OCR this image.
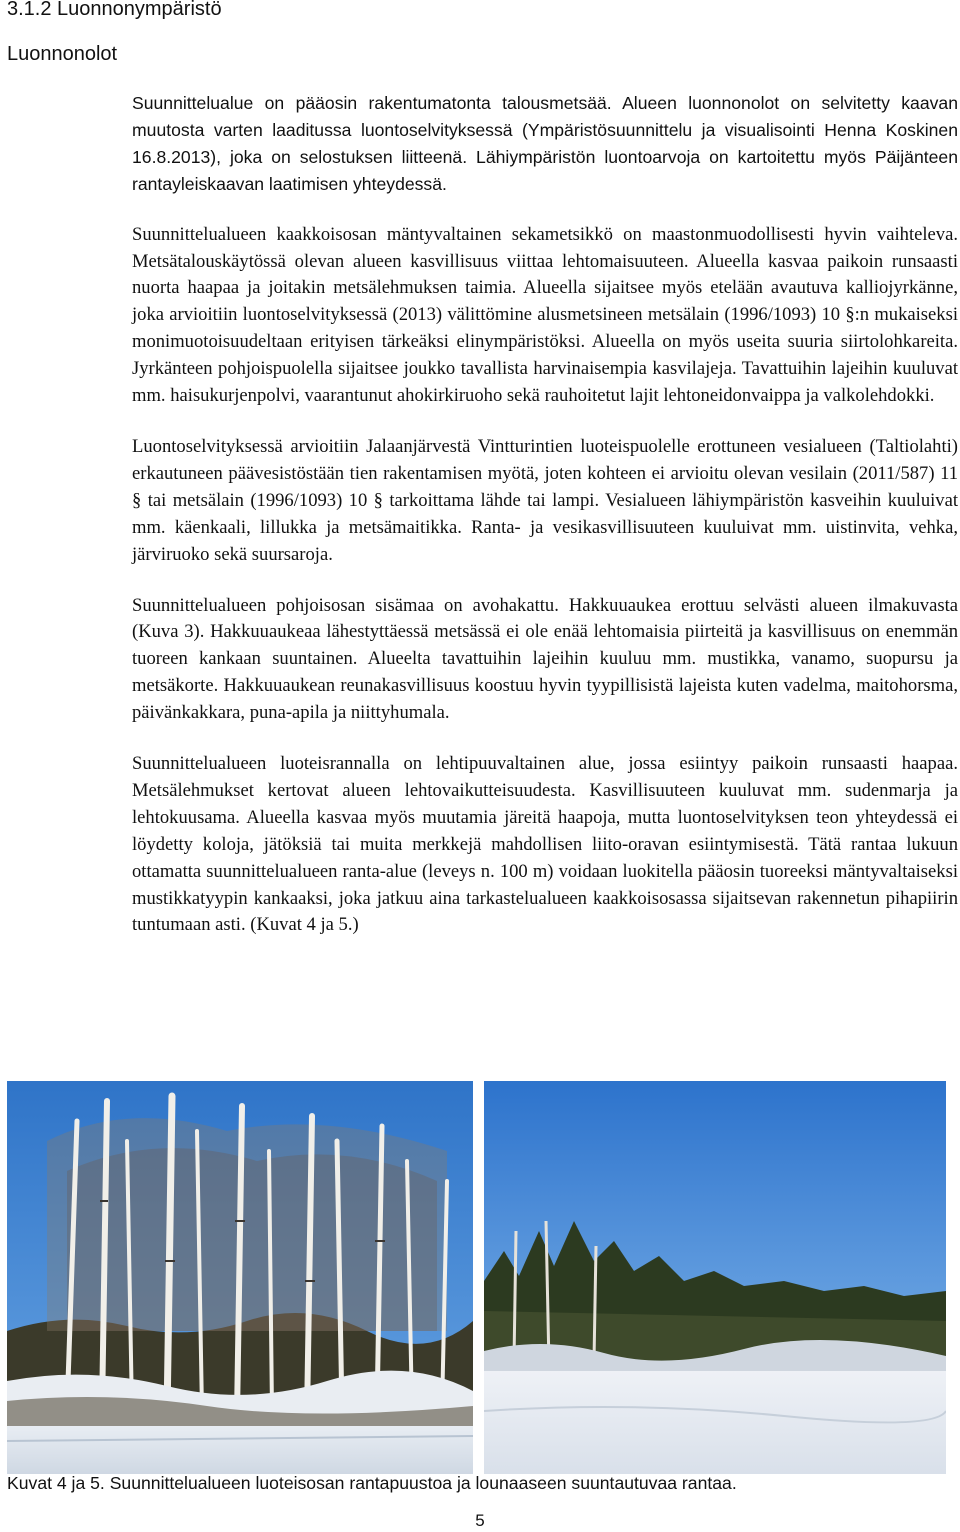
3.1.2 Luonnonympäristö
Luonnonolot

Suunnittelualue on pääosin rakentumatonta talousmetsää. Alueen luonnonolot on selvitetty kaavan muutosta varten laaditussa luontoselvityksessä (Ympäristösuunnittelu ja visualisointi Henna Koskinen 16.8.2013), joka on selostuksen liitteenä. Lähiympäristön luontoarvoja on kartoitettu myös Päijänteen rantayleiskaavan laatimisen yhteydessä.

Suunnittelualueen kaakkoisosan mäntyvaltainen sekametsikkö on maastonmuodollisesti hyvin vaihteleva. Metsätalouskäytössä olevan alueen kasvillisuus viittaa lehtomaisuuteen. Alueella kasvaa paikoin runsaasti nuorta haapaa ja joitakin metsälehmuksen taimia. Alueella sijaitsee myös etelään avautuva kalliojyrkänne, joka arvioitiin luontoselvityksessä (2013) välittömine alusmetsineen metsälain (1996/1093) 10 §:n mukaiseksi monimuotoisuudeltaan erityisen tärkeäksi elinympäristöksi. Alueella on myös useita suuria siirtolohkareita. Jyrkänteen pohjoispuolella sijaitsee joukko tavallista harvinaisempia kasvilajeja. Tavattuihin lajeihin kuuluvat mm. haisukurjenpolvi, vaarantunut ahokirkiruoho sekä rauhoitetut lajit lehtoneidonvaippa ja valkolehdokki.

Luontoselvityksessä arvioitiin Jalaanjärvestä Vintturintien luoteispuolelle erottuneen vesialueen (Taltiolahti) erkautuneen päävesistöstään tien rakentamisen myötä, joten kohteen ei arvioitu olevan vesilain (2011/587) 11 § tai metsälain (1996/1093) 10 § tarkoittama lähde tai lampi. Vesialueen lähiympäristön kasveihin kuuluivat mm. käenkaali, lillukka ja metsämaitikka. Ranta- ja vesikasvillisuuteen kuuluivat mm. uistinvita, vehka, järviruoko sekä suursaroja.

Suunnittelualueen pohjoisosan sisämaa on avohakattu. Hakkuuaukea erottuu selvästi alueen ilmakuvasta (Kuva 3). Hakkuuaukeaa lähestyttäessä metsässä ei ole enää lehtomaisia piirteitä ja kasvillisuus on enemmän tuoreen kankaan suuntainen. Alueelta tavattuihin lajeihin kuuluu mm. mustikka, vanamo, suopursu ja metsäkorte. Hakkuuaukean reunakasvillisuus koostuu hyvin tyypillisistä lajeista kuten vadelma, maitohorsma, päivänkakkara, puna-apila ja niittyhumala.

Suunnittelualueen luoteisrannalla on lehtipuuvaltainen alue, jossa esiintyy paikoin runsaasti haapaa. Metsälehmukset kertovat alueen lehtovaikutteisuudesta. Kasvillisuuteen kuuluvat mm. sudenmarja ja lehtokuusama. Alueella kasvaa myös muutamia järeitä haapoja, mutta luontoselvityksen teon yhteydessä ei löydetty koloja, jätöksiä tai muita merkkejä mahdollisen liito-oravan esiintymisestä. Tätä rantaa lukuun ottamatta suunnittelualueen ranta-alue (leveys n. 100 m) voidaan luokitella pääosin tuoreeksi mäntyvaltaiseksi mustikkatyypin kankaaksi, joka jatkuu aina tarkastelualueen kaakkoisosassa sijaitsevan rakennetun pihapiirin tuntumaan asti. (Kuvat 4 ja 5.)

Kuvat 4 ja 5. Suunnittelualueen luoteisosan rantapuustoa ja lounaaseen suuntautuvaa rantaa.

5
